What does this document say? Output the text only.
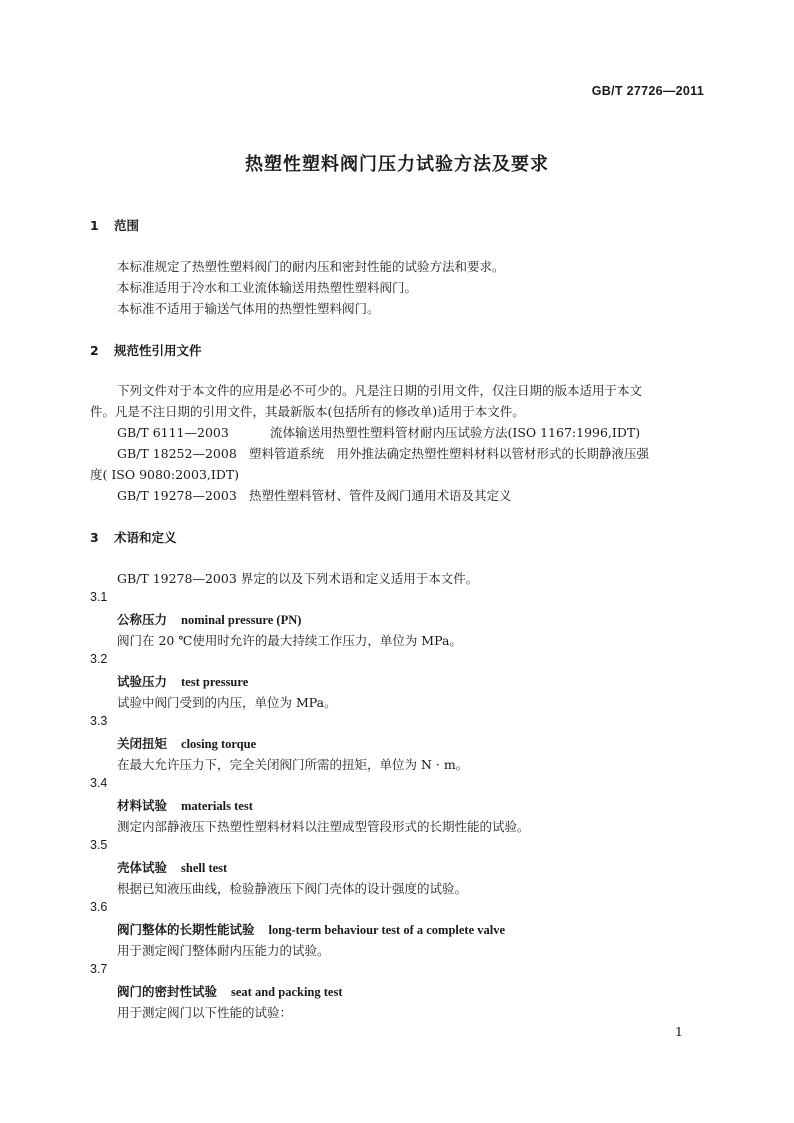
GB/T 27726—2011
热塑性塑料阀门压力试验方法及要求
1 范围
本标准规定了热塑性塑料阀门的耐内压和密封性能的试验方法和要求。
本标准适用于冷水和工业流体输送用热塑性塑料阀门。
本标准不适用于输送气体用的热塑性塑料阀门。
2 规范性引用文件
下列文件对于本文件的应用是必不可少的。凡是注日期的引用文件，仅注日期的版本适用于本文
件。凡是不注日期的引用文件，其最新版本(包括所有的修改单)适用于本文件。
GB/T 6111—2003	流体输送用热塑性塑料管材耐内压试验方法(ISO 1167:1996,IDT)
GB/T 18252—2008 塑料管道系统　用外推法确定热塑性塑料材料以管材形式的长期静液压强
度( ISO 9080:2003,IDT)
GB/T 19278—2003 热塑性塑料管材、管件及阀门通用术语及其定义
3 术语和定义
GB/T 19278—2003 界定的以及下列术语和定义适用于本文件。
3.1
公称压力 nominal pressure (PN)
阀门在 20 ℃使用时允许的最大持续工作压力，单位为 MPa。
3.2
试验压力 test pressure
试验中阀门受到的内压，单位为 MPa。
3.3
关闭扭矩 closing torque
在最大允许压力下，完全关闭阀门所需的扭矩，单位为 N · m。
3.4
材料试验 materials test
测定内部静液压下热塑性塑料材料以注塑成型管段形式的长期性能的试验。
3.5
壳体试验 shell test
根据已知液压曲线，检验静液压下阀门壳体的设计强度的试验。
3.6
阀门整体的长期性能试验 long-term behaviour test of a complete valve
用于测定阀门整体耐内压能力的试验。
3.7
阀门的密封性试验 seat and packing test
用于测定阀门以下性能的试验：
1
